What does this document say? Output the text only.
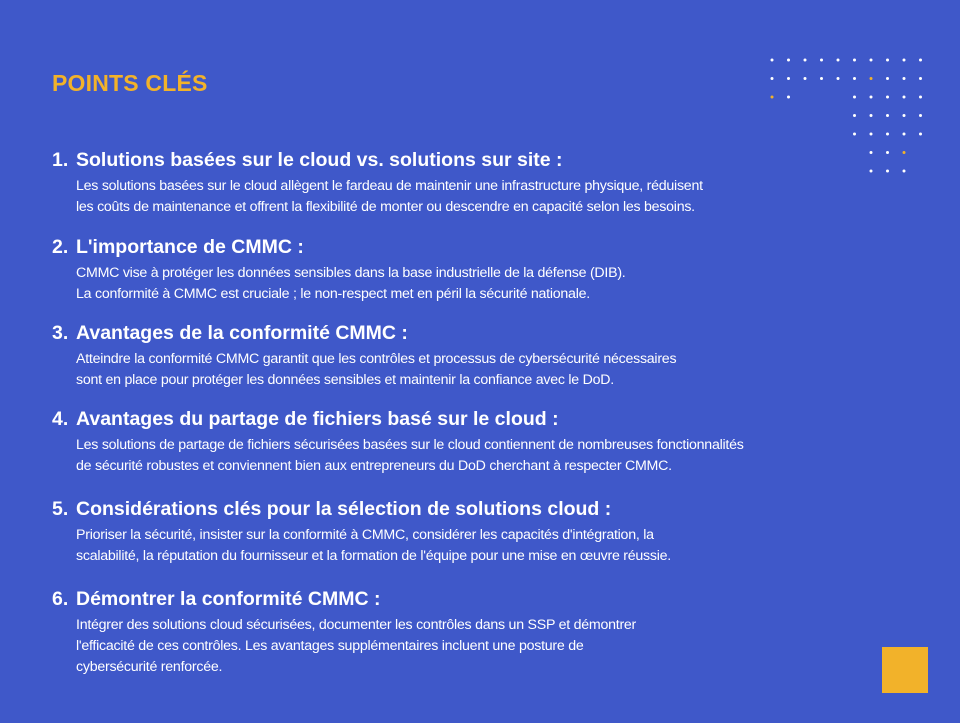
POINTS CLÉS

1. Solutions basées sur le cloud vs. solutions sur site :

Les solutions basées sur le cloud allègent le fardeau de maintenir une infrastructure physique, réduisent
les coûts de maintenance et offrent la flexibilité de monter ou descendre en capacité selon les besoins.

2. L'importance de CMMC :

CMMC vise à protéger les données sensibles dans la base industrielle de la défense (DIB).
La conformité à CMMC est cruciale ; le non-respect met en péril la sécurité nationale.

3. Avantages de la conformité CMMC :

Atteindre la conformité CMMC garantit que les contrôles et processus de cybersécurité nécessaires
sont en place pour protéger les données sensibles et maintenir la confiance avec le DoD.

4. Avantages du partage de fichiers basé sur le cloud :

Les solutions de partage de fichiers sécurisées basées sur le cloud contiennent de nombreuses fonctionnalités
de sécurité robustes et conviennent bien aux entrepreneurs du DoD cherchant à respecter CMMC.

5. Considérations clés pour la sélection de solutions cloud :

Prioriser la sécurité, insister sur la conformité à CMMC, considérer les capacités d'intégration, la
scalabilité, la réputation du fournisseur et la formation de l'équipe pour une mise en œuvre réussie.

6. Démontrer la conformité CMMC :

Intégrer des solutions cloud sécurisées, documenter les contrôles dans un SSP et démontrer
l'efficacité de ces contrôles. Les avantages supplémentaires incluent une posture de
cybersécurité renforcée.
